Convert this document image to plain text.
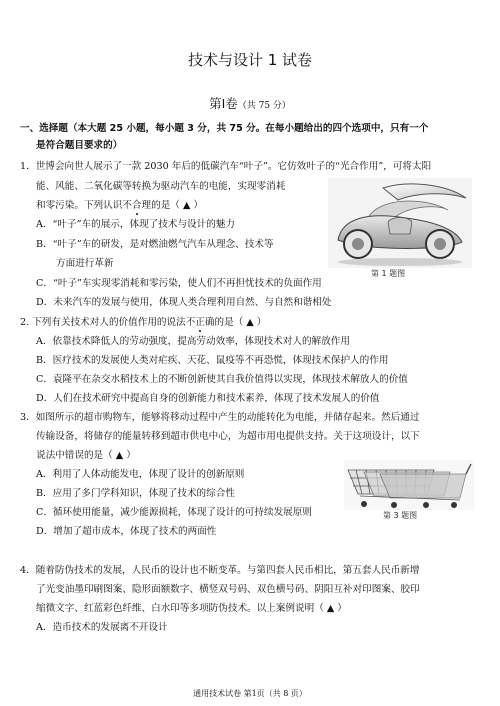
技术与设计 1 试卷
第Ⅰ卷（共 75 分）
一、选择题（本大题 25 小题，每小题 3 分，共 75 分。在每小题给出的四个选项中，只有一个
是符合题目要求的）
1．世博会向世人展示了一款 2030 年后的低碳汽车“叶子”。它仿效叶子的“光合作用”，可将太阳
能、风能、二氧化碳等转换为驱动汽车的电能，实现零消耗
和零污染。下列认识不合理的是（ ▲ ）
A．“叶子”车的展示，体现了技术与设计的魅力
B．“叶子”车的研发，是对燃油燃气汽车从理念、技术等
方面进行革新
C．“叶子”车实现零消耗和零污染，使人们不再担忧技术的负面作用
D．未来汽车的发展与使用，体现人类合理利用自然、与自然和谐相处
第 1 题图
2. 下列有关技术对人的价值作用的说法不正确的是（ ▲ ）
A．依靠技术降低人的劳动强度，提高劳动效率，体现技术对人的解放作用
B．医疗技术的发展使人类对疟疾、天花、鼠疫等不再恐慌，体现技术保护人的作用
C．袁隆平在杂交水稻技术上的不断创新使其自我价值得以实现，体现技术解放人的价值
D．人们在技术研究中提高自身的创新能力和技术素养，体现了技术发展人的价值
3．如图所示的超市购物车，能够将移动过程中产生的动能转化为电能，并储存起来。然后通过
传输设备，将储存的能量转移到超市供电中心，为超市用电提供支持。关于这项设计，以下
说法中错误的是（ ▲ ）
A．利用了人体动能发电，体现了设计的创新原则
B．应用了多门学科知识，体现了技术的综合性
C．循环使用能量，减少能源损耗，体现了设计的可持续发展原则
D．增加了超市成本，体现了技术的两面性
第 3 题图
4．随着防伪技术的发展，人民币的设计也不断变革。与第四套人民币相比，第五套人民币新增
了光变油墨印刷图案、隐形面额数字、横竖双号码、双色横号码、阴阳互补对印图案、胶印
缩微文字、红蓝彩色纤维、白水印等多项防伪技术。以上案例说明（ ▲ ）
A．造币技术的发展离不开设计
通用技术试卷 第1页（共 8 页）
